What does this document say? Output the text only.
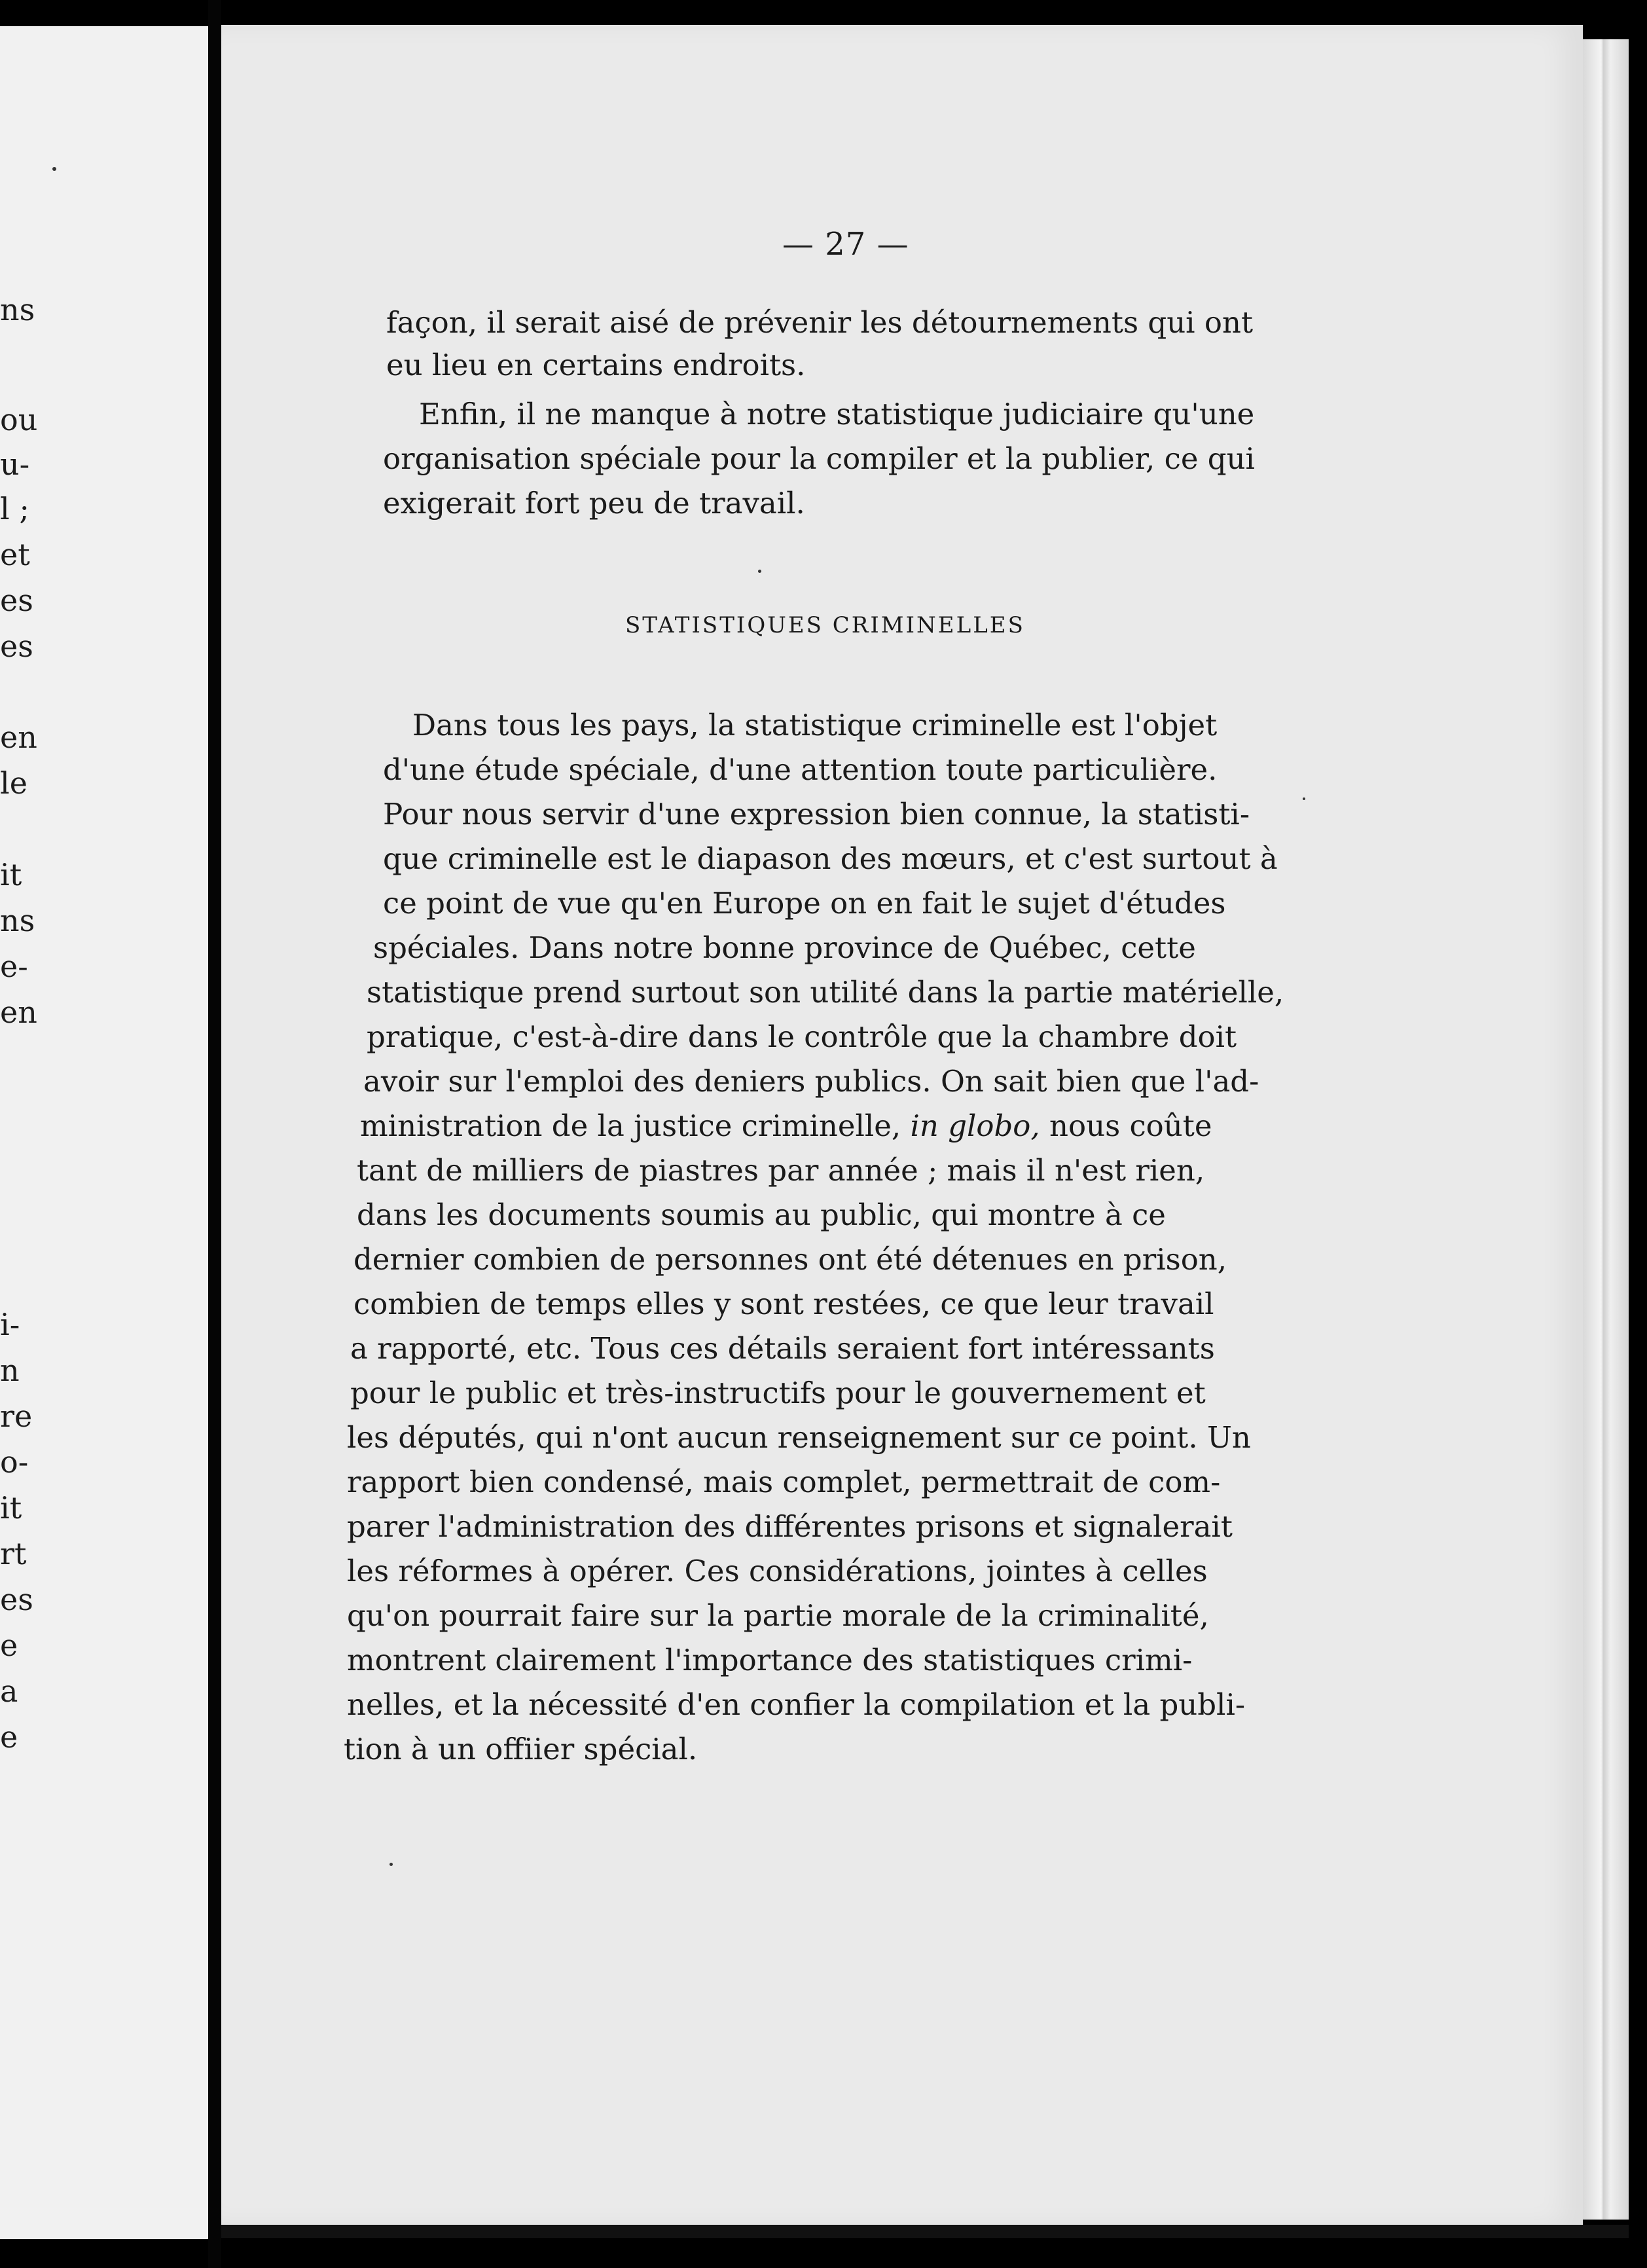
ns
ou
u-
l ;
et
es
es
en
le
it
ns
e-
en
i-
n
re
o-
it
rt
es
e
a
e
— 27 —
façon, il serait aisé de prévenir les détournements qui ont
eu lieu en certains endroits.
Enfin, il ne manque à notre statistique judiciaire qu'une
organisation spéciale pour la compiler et la publier, ce qui
exigerait fort peu de travail.
STATISTIQUES CRIMINELLES
Dans tous les pays, la statistique criminelle est l'objet
d'une étude spéciale, d'une attention toute particulière.
Pour nous servir d'une expression bien connue, la statisti-
que criminelle est le diapason des mœurs, et c'est surtout à
ce point de vue qu'en Europe on en fait le sujet d'études
spéciales. Dans notre bonne province de Québec, cette
statistique prend surtout son utilité dans la partie matérielle,
pratique, c'est-à-dire dans le contrôle que la chambre doit
avoir sur l'emploi des deniers publics. On sait bien que l'ad-
ministration de la justice criminelle, in globo, nous coûte
tant de milliers de piastres par année ; mais il n'est rien,
dans les documents soumis au public, qui montre à ce
dernier combien de personnes ont été détenues en prison,
combien de temps elles y sont restées, ce que leur travail
a rapporté, etc. Tous ces détails seraient fort intéressants
pour le public et très-instructifs pour le gouvernement et
les députés, qui n'ont aucun renseignement sur ce point. Un
rapport bien condensé, mais complet, permettrait de com-
parer l'administration des différentes prisons et signalerait
les réformes à opérer. Ces considérations, jointes à celles
qu'on pourrait faire sur la partie morale de la criminalité,
montrent clairement l'importance des statistiques crimi-
nelles, et la nécessité d'en confier la compilation et la publi-
tion à un offiier spécial.
